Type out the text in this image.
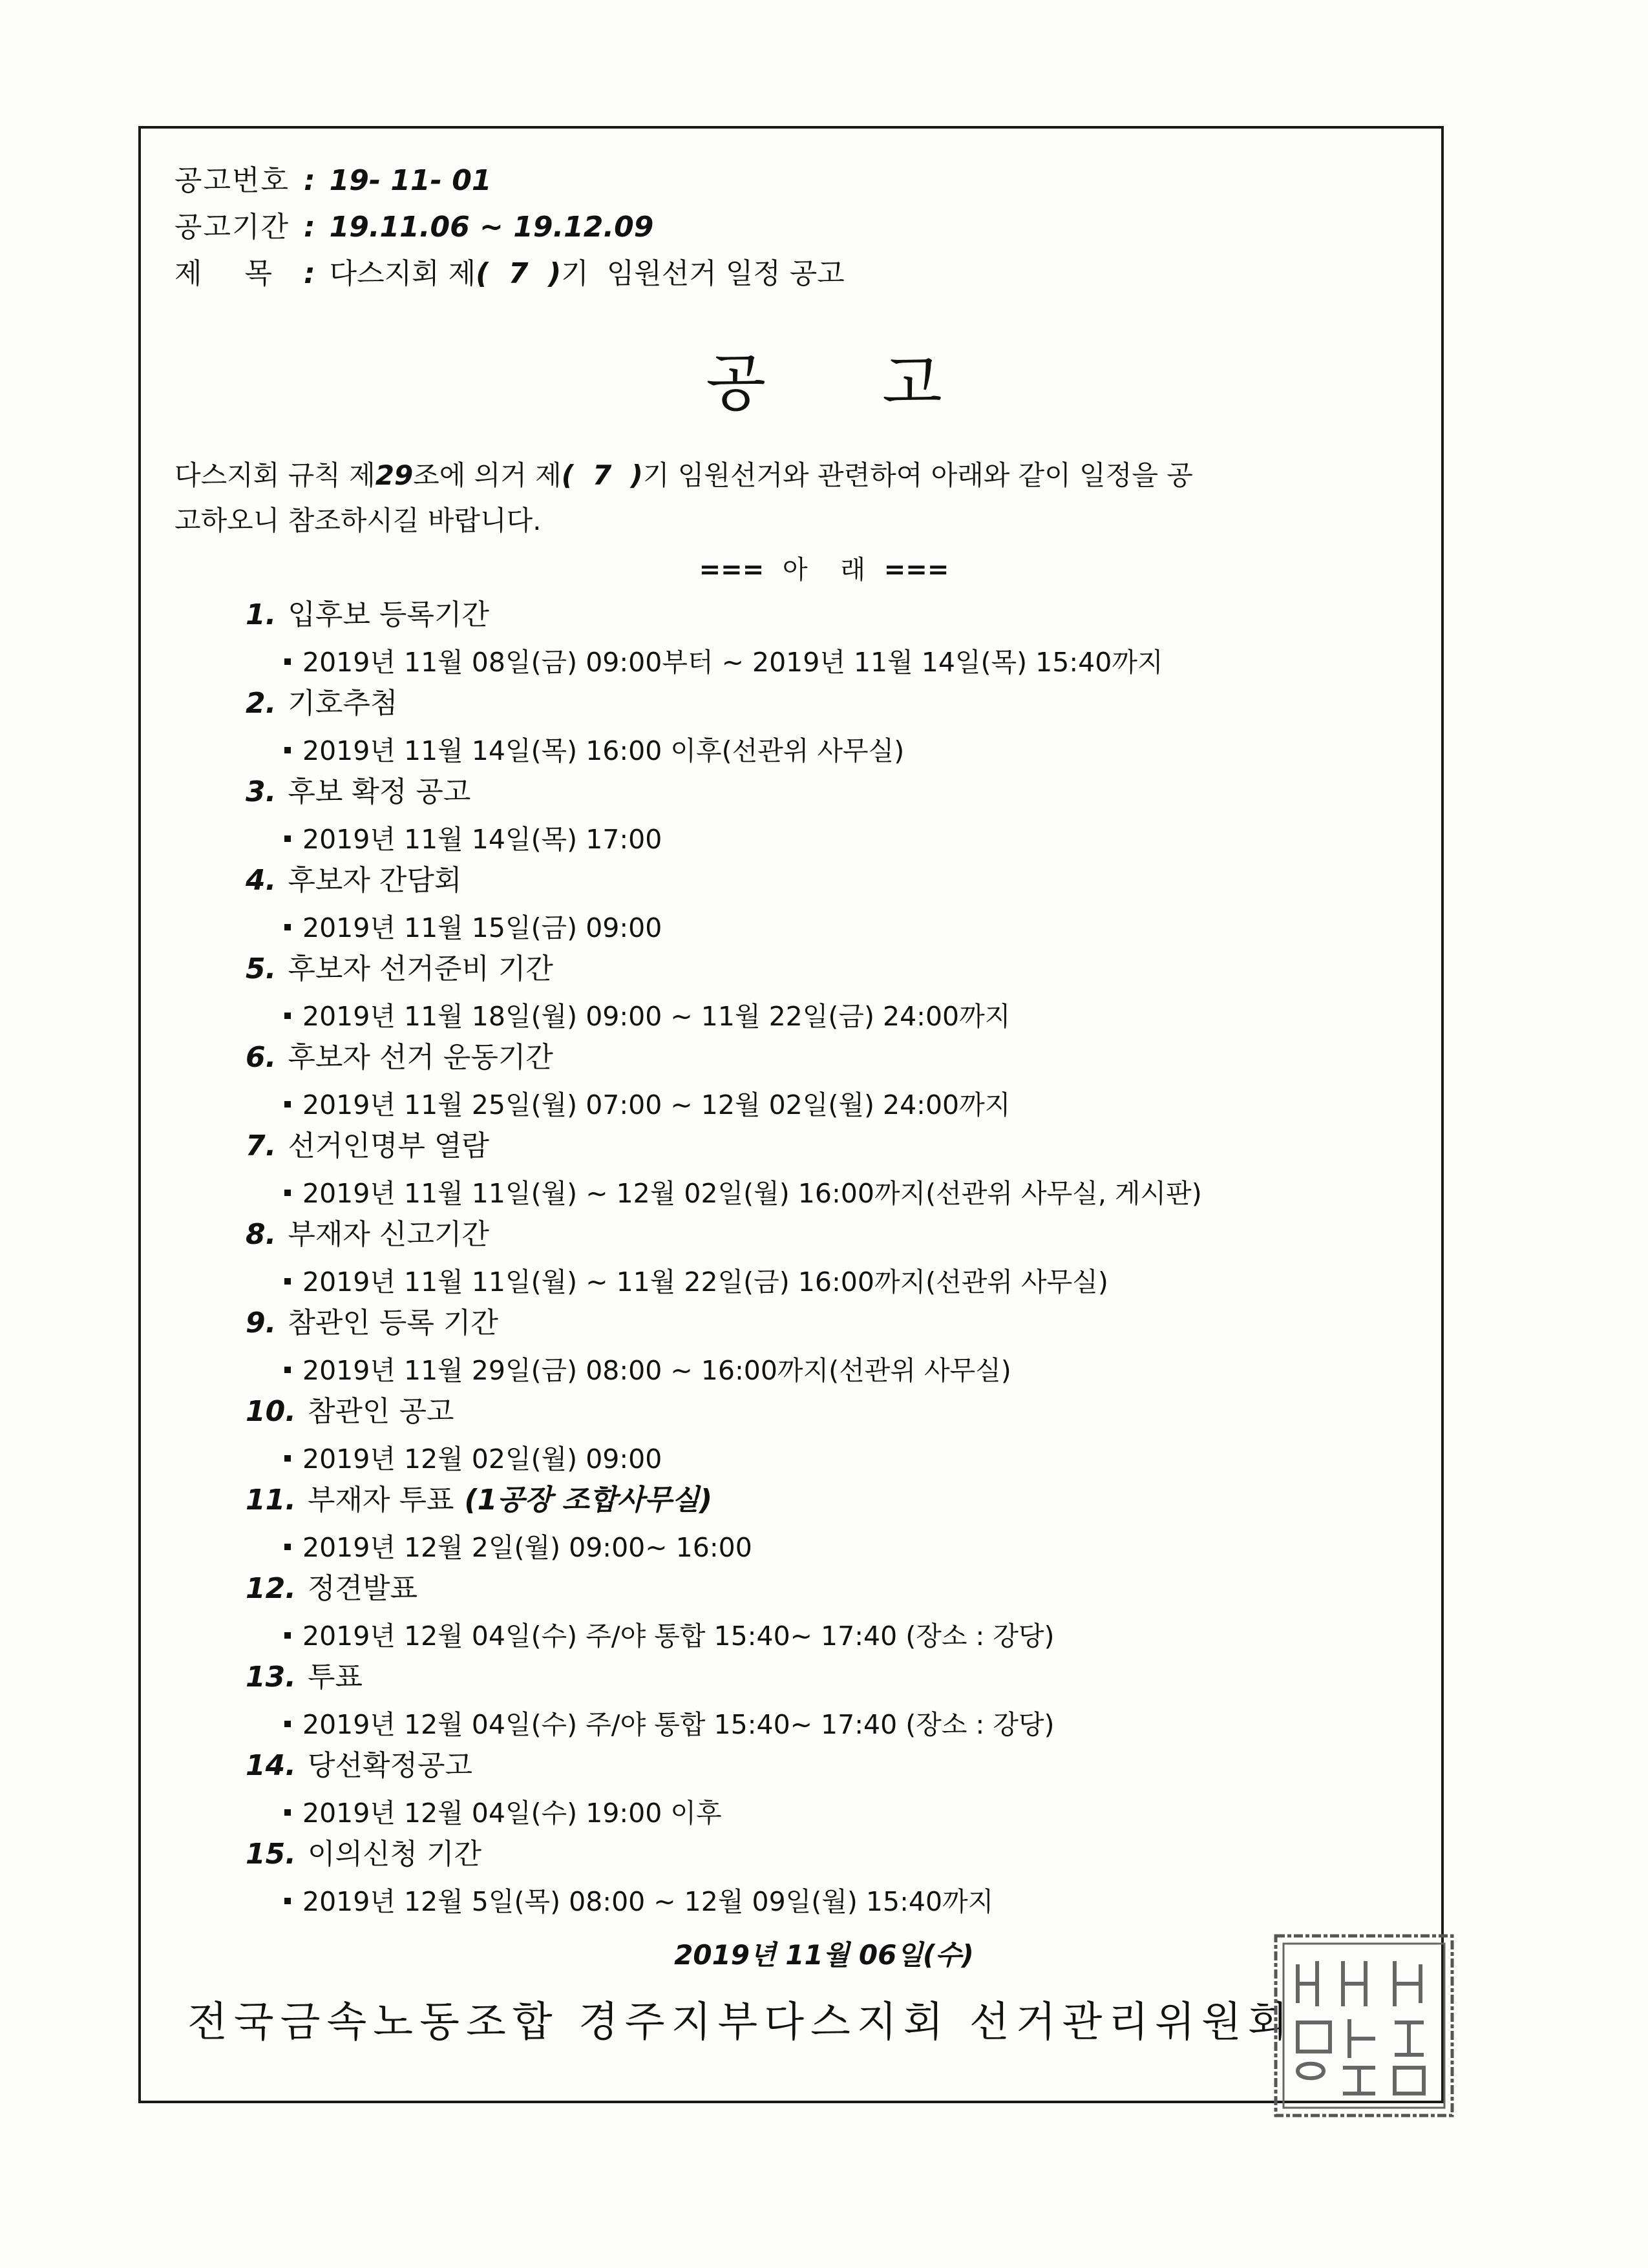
공고번호 : 19- 11- 01
공고기간 : 19.11.06 ~ 19.12.09
제    목 : 다스지회 제(  7  )기  임원선거 일정 공고
공고
다스지회 규칙 제29조에 의거 제(  7  )기 임원선거와 관련하여 아래와 같이 일정을 공
고하오니 참조하시길 바랍니다.
=== 아    래 ===
1. 입후보 등록기간
2019년 11월 08일(금) 09:00부터 ~ 2019년 11월 14일(목) 15:40까지
2. 기호추첨
2019년 11월 14일(목) 16:00 이후(선관위 사무실)
3. 후보 확정 공고
2019년 11월 14일(목) 17:00
4. 후보자 간담회
2019년 11월 15일(금) 09:00
5. 후보자 선거준비 기간
2019년 11월 18일(월) 09:00 ~ 11월 22일(금) 24:00까지
6. 후보자 선거 운동기간
2019년 11월 25일(월) 07:00 ~ 12월 02일(월) 24:00까지
7. 선거인명부 열람
2019년 11월 11일(월) ~ 12월 02일(월) 16:00까지(선관위 사무실, 게시판)
8. 부재자 신고기간
2019년 11월 11일(월) ~ 11월 22일(금) 16:00까지(선관위 사무실)
9. 참관인 등록 기간
2019년 11월 29일(금) 08:00 ~ 16:00까지(선관위 사무실)
10. 참관인 공고
2019년 12월 02일(월) 09:00
11. 부재자 투표 (1공장 조합사무실)
2019년 12월 2일(월) 09:00~ 16:00
12. 정견발표
2019년 12월 04일(수) 주/야 통합 15:40~ 17:40 (장소 : 강당)
13. 투표
2019년 12월 04일(수) 주/야 통합 15:40~ 17:40 (장소 : 강당)
14. 당선확정공고
2019년 12월 04일(수) 19:00 이후
15. 이의신청 기간
2019년 12월 5일(목) 08:00 ~ 12월 09일(월) 15:40까지
2019년 11월 06일(수)
전국금속노동조합 경주지부다스지회 선거관리위원회
